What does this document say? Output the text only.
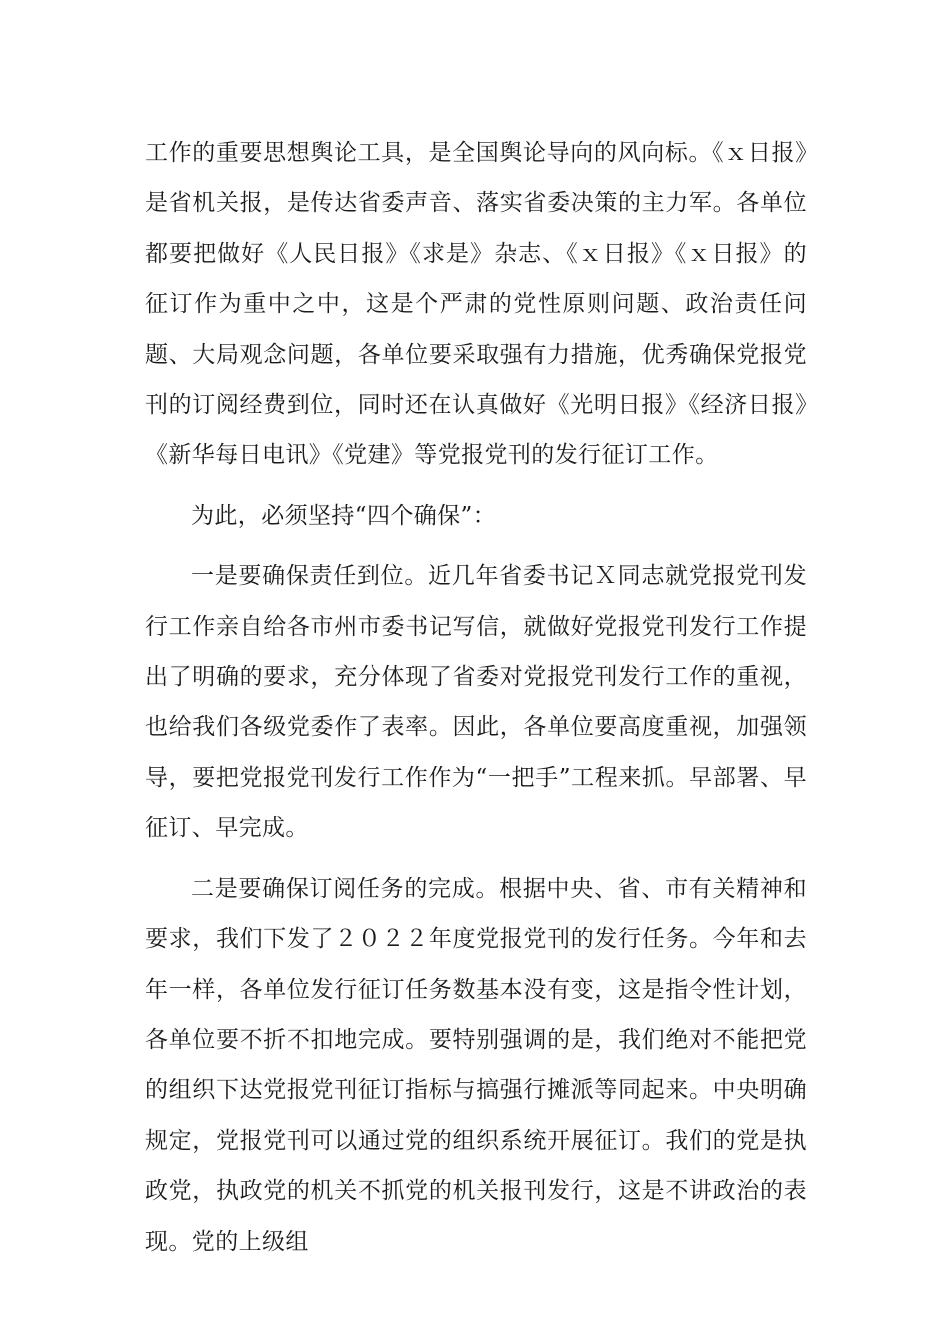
工作的重要思想舆论工具，是全国舆论导向的风向标。《ｘ日报》是省机关报，是传达省委声音、落实省委决策的主力军。各单位都要把做好《人民日报》《求是》杂志、《ｘ日报》《ｘ日报》的征订作为重中之中，这是个严肃的党性原则问题、政治责任问题、大局观念问题，各单位要采取强有力措施，优秀确保党报党刊的订阅经费到位，同时还在认真做好《光明日报》《经济日报》《新华每日电讯》《党建》等党报党刊的发行征订工作。

为此，必须坚持“四个确保”：

一是要确保责任到位。近几年省委书记Ｘ同志就党报党刊发行工作亲自给各市州市委书记写信，就做好党报党刊发行工作提出了明确的要求，充分体现了省委对党报党刊发行工作的重视，也给我们各级党委作了表率。因此，各单位要高度重视，加强领导，要把党报党刊发行工作作为“一把手”工程来抓。早部署、早征订、早完成。

二是要确保订阅任务的完成。根据中央、省、市有关精神和要求，我们下发了２０２２年度党报党刊的发行任务。今年和去年一样，各单位发行征订任务数基本没有变，这是指令性计划，各单位要不折不扣地完成。要特别强调的是，我们绝对不能把党的组织下达党报党刊征订指标与搞强行摊派等同起来。中央明确规定，党报党刊可以通过党的组织系统开展征订。我们的党是执政党，执政党的机关不抓党的机关报刊发行，这是不讲政治的表现。党的上级组
